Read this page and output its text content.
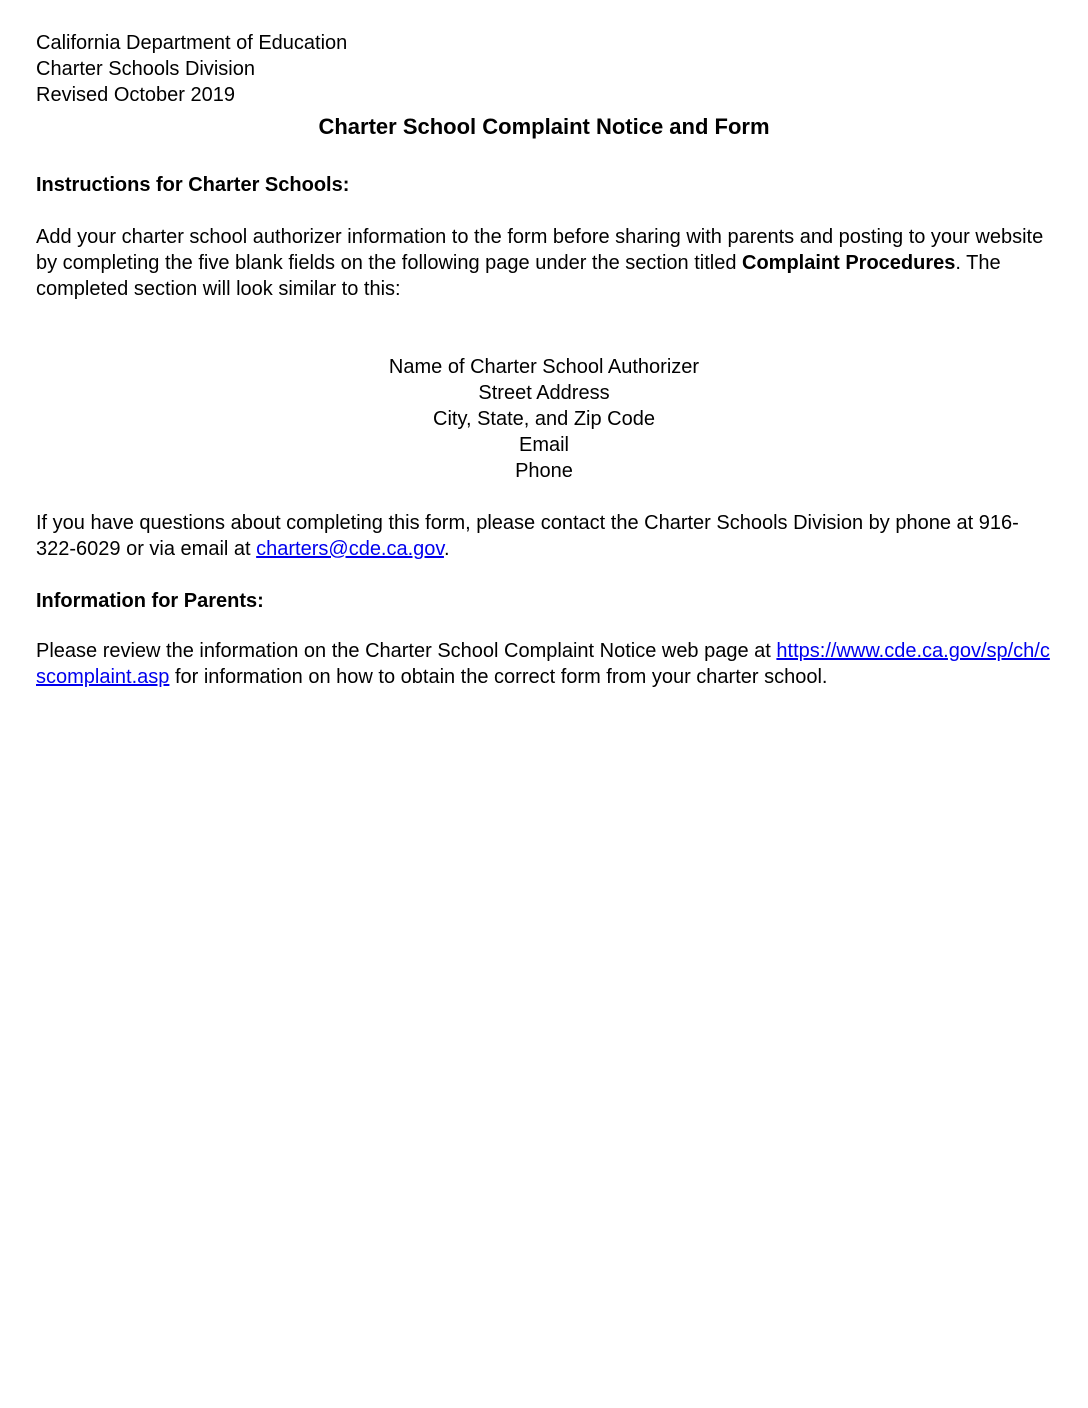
California Department of Education
Charter Schools Division
Revised October 2019
Charter School Complaint Notice and Form
Instructions for Charter Schools:

Add your charter school authorizer information to the form before sharing with parents and posting to your website by completing the five blank fields on the following page under the section titled Complaint Procedures. The completed section will look similar to this:

Name of Charter School Authorizer
Street Address
City, State, and Zip Code
Email
Phone

If you have questions about completing this form, please contact the Charter Schools Division by phone at 916-322-6029 or via email at charters@cde.ca.gov.

Information for Parents:

Please review the information on the Charter School Complaint Notice web page at https://www.cde.ca.gov/sp/ch/cscomplaint.asp for information on how to obtain the correct form from your charter school.
